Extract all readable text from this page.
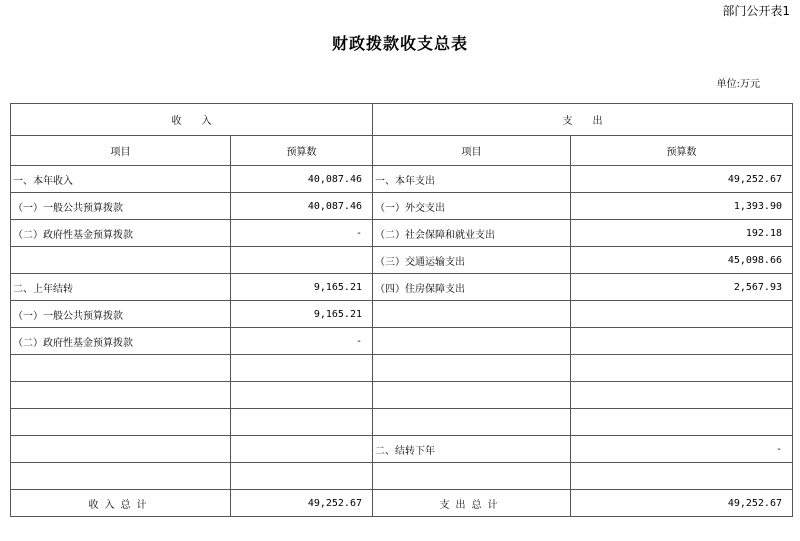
部门公开表1
财政拨款收支总表
单位:万元
收　　入		支　　出	
项目	预算数	项目	预算数
一、本年收入	40,087.46	一、本年支出	49,252.67
（一）一般公共预算拨款	40,087.46	（一）外交支出	1,393.90
（二）政府性基金预算拨款	-	（二）社会保障和就业支出	192.18
		（三）交通运输支出	45,098.66
二、上年结转	9,165.21	（四）住房保障支出	2,567.93
（一）一般公共预算拨款	9,165.21		
（二）政府性基金预算拨款	-		

		二、结转下年	-

收入总计	49,252.67	支出总计	49,252.67
